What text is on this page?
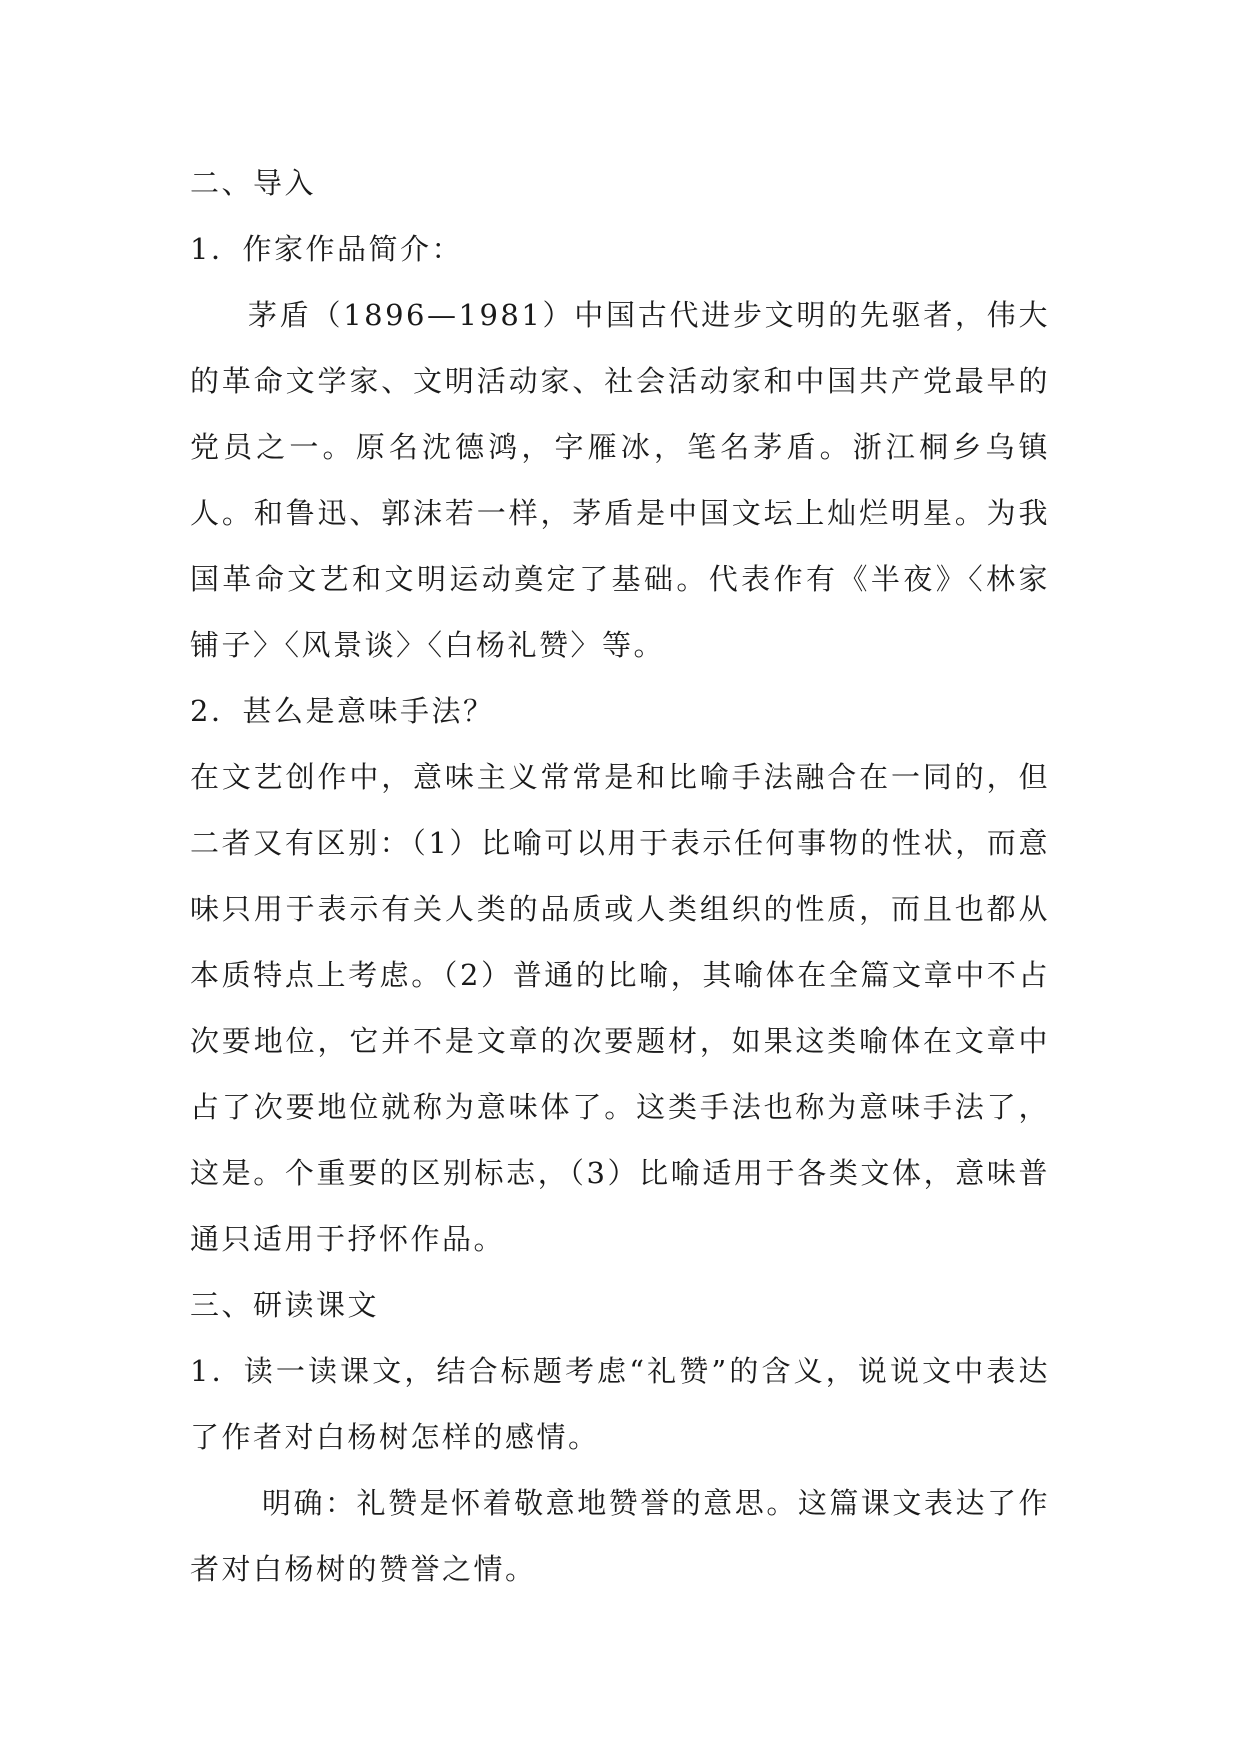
二、导入

1．作家作品简介：

茅盾（1896—1981）中国古代进步文明的先驱者，伟大的革命文学家、文明活动家、社会活动家和中国共产党最早的党员之一。原名沈德鸿，字雁冰，笔名茅盾。浙江桐乡乌镇人。和鲁迅、郭沫若一样，茅盾是中国文坛上灿烂明星。为我国革命文艺和文明运动奠定了基础。代表作有《半夜》〈林家铺子〉〈风景谈〉〈白杨礼赞〉等。

2．甚么是意味手法？

在文艺创作中，意味主义常常是和比喻手法融合在一同的，但二者又有区别：（1）比喻可以用于表示任何事物的性状，而意味只用于表示有关人类的品质或人类组织的性质，而且也都从本质特点上考虑。（2）普通的比喻，其喻体在全篇文章中不占次要地位，它并不是文章的次要题材，如果这类喻体在文章中占了次要地位就称为意味体了。这类手法也称为意味手法了，这是。个重要的区别标志，（3）比喻适用于各类文体，意味普通只适用于抒怀作品。

三、研读课文

1．读一读课文，结合标题考虑“礼赞”的含义，说说文中表达了作者对白杨树怎样的感情。

明确：礼赞是怀着敬意地赞誉的意思。这篇课文表达了作者对白杨树的赞誉之情。
